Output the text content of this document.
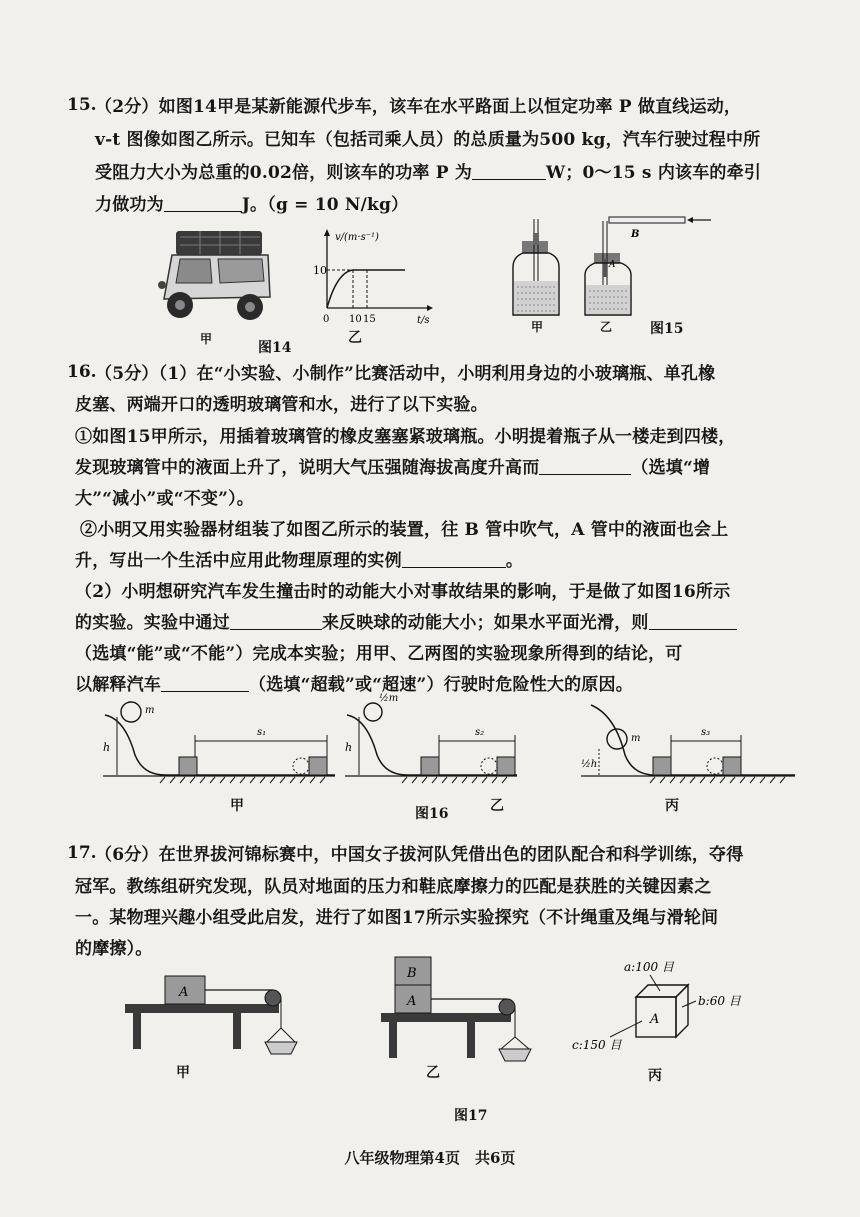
15.
（2分）如图14甲是某新能源代步车，该车在水平路面上以恒定功率 P 做直线运动，
v-t 图像如图乙所示。已知车（包括司乘人员）的总质量为500 kg，汽车行驶过程中所
受阻力大小为总重的0.02倍，则该车的功率 P 为	W；0～15 s 内该车的牵引
力做功为	J。（g = 10 N/kg）
甲
图14
v/(m·s⁻¹)
t/s
10
0 10 15
乙
A
B
甲	乙	图15
16.
（5分）（1）在“小实验、小制作”比赛活动中，小明利用身边的小玻璃瓶、单孔橡
皮塞、两端开口的透明玻璃管和水，进行了以下实验。
①如图15甲所示，用插着玻璃管的橡皮塞塞紧玻璃瓶。小明提着瓶子从一楼走到四楼，
发现玻璃管中的液面上升了，说明大气压强随海拔高度升高而	（选填“增
大”“减小”或“不变”）。
②小明又用实验器材组装了如图乙所示的装置，往 B 管中吹气，A 管中的液面也会上
升，写出一个生活中应用此物理原理的实例	。
（2）小明想研究汽车发生撞击时的动能大小对事故结果的影响，于是做了如图16所示
的实验。实验中通过	来反映球的动能大小；如果水平面光滑，则
（选填“能”或“不能”）完成本实验；用甲、乙两图的实验现象所得到的结论，可
以解释汽车	（选填“超载”或“超速”）行驶时危险性大的原因。
m
h
s₁
½m
h
s₂
m
½h
s₃
甲	图16	乙	丙
17.
（6分）在世界拔河锦标赛中，中国女子拔河队凭借出色的团队配合和科学训练，夺得
冠军。教练组研究发现，队员对地面的压力和鞋底摩擦力的匹配是获胜的关键因素之
一。某物理兴趣小组受此启发，进行了如图17所示实验探究（不计绳重及绳与滑轮间
的摩擦）。
A
甲
B
A
乙
a:100 目
b:60 目
c:150 目
A
丙
图17
八年级物理第4页　共6页
